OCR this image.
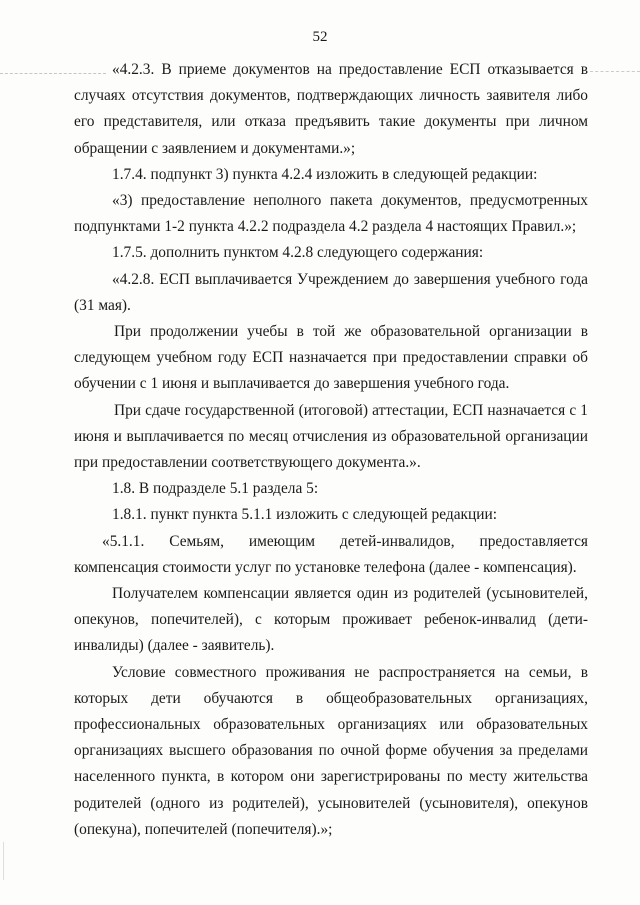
52

«4.2.3. В приеме документов на предоставление ЕСП отказывается в случаях отсутствия документов, подтверждающих личность заявителя либо его представителя, или отказа предъявить такие документы при личном обращении с заявлением и документами.»;

1.7.4. подпункт 3) пункта 4.2.4 изложить в следующей редакции:

«3) предоставление неполного пакета документов, предусмотренных подпунктами 1-2 пункта 4.2.2 подраздела 4.2 раздела 4 настоящих Правил.»;

1.7.5. дополнить пунктом 4.2.8 следующего содержания:

«4.2.8. ЕСП выплачивается Учреждением до завершения учебного года (31 мая).

При продолжении учебы в той же образовательной организации в следующем учебном году ЕСП назначается при предоставлении справки об обучении с 1 июня и выплачивается до завершения учебного года.

При сдаче государственной (итоговой) аттестации, ЕСП назначается с 1 июня и выплачивается по месяц отчисления из образовательной организации при предоставлении соответствующего документа.».

1.8. В подразделе 5.1 раздела 5:

1.8.1. пункт пункта 5.1.1 изложить с следующей редакции:

«5.1.1. Семьям, имеющим детей-инвалидов, предоставляется компенсация стоимости услуг по установке телефона (далее - компенсация).

Получателем компенсации является один из родителей (усыновителей, опекунов, попечителей), с которым проживает ребенок-инвалид (дети-инвалиды) (далее - заявитель).

Условие совместного проживания не распространяется на семьи, в которых дети обучаются в общеобразовательных организациях, профессиональных образовательных организациях или образовательных организациях высшего образования по очной форме обучения за пределами населенного пункта, в котором они зарегистрированы по месту жительства родителей (одного из родителей), усыновителей (усыновителя), опекунов (опекуна), попечителей (попечителя).»;
